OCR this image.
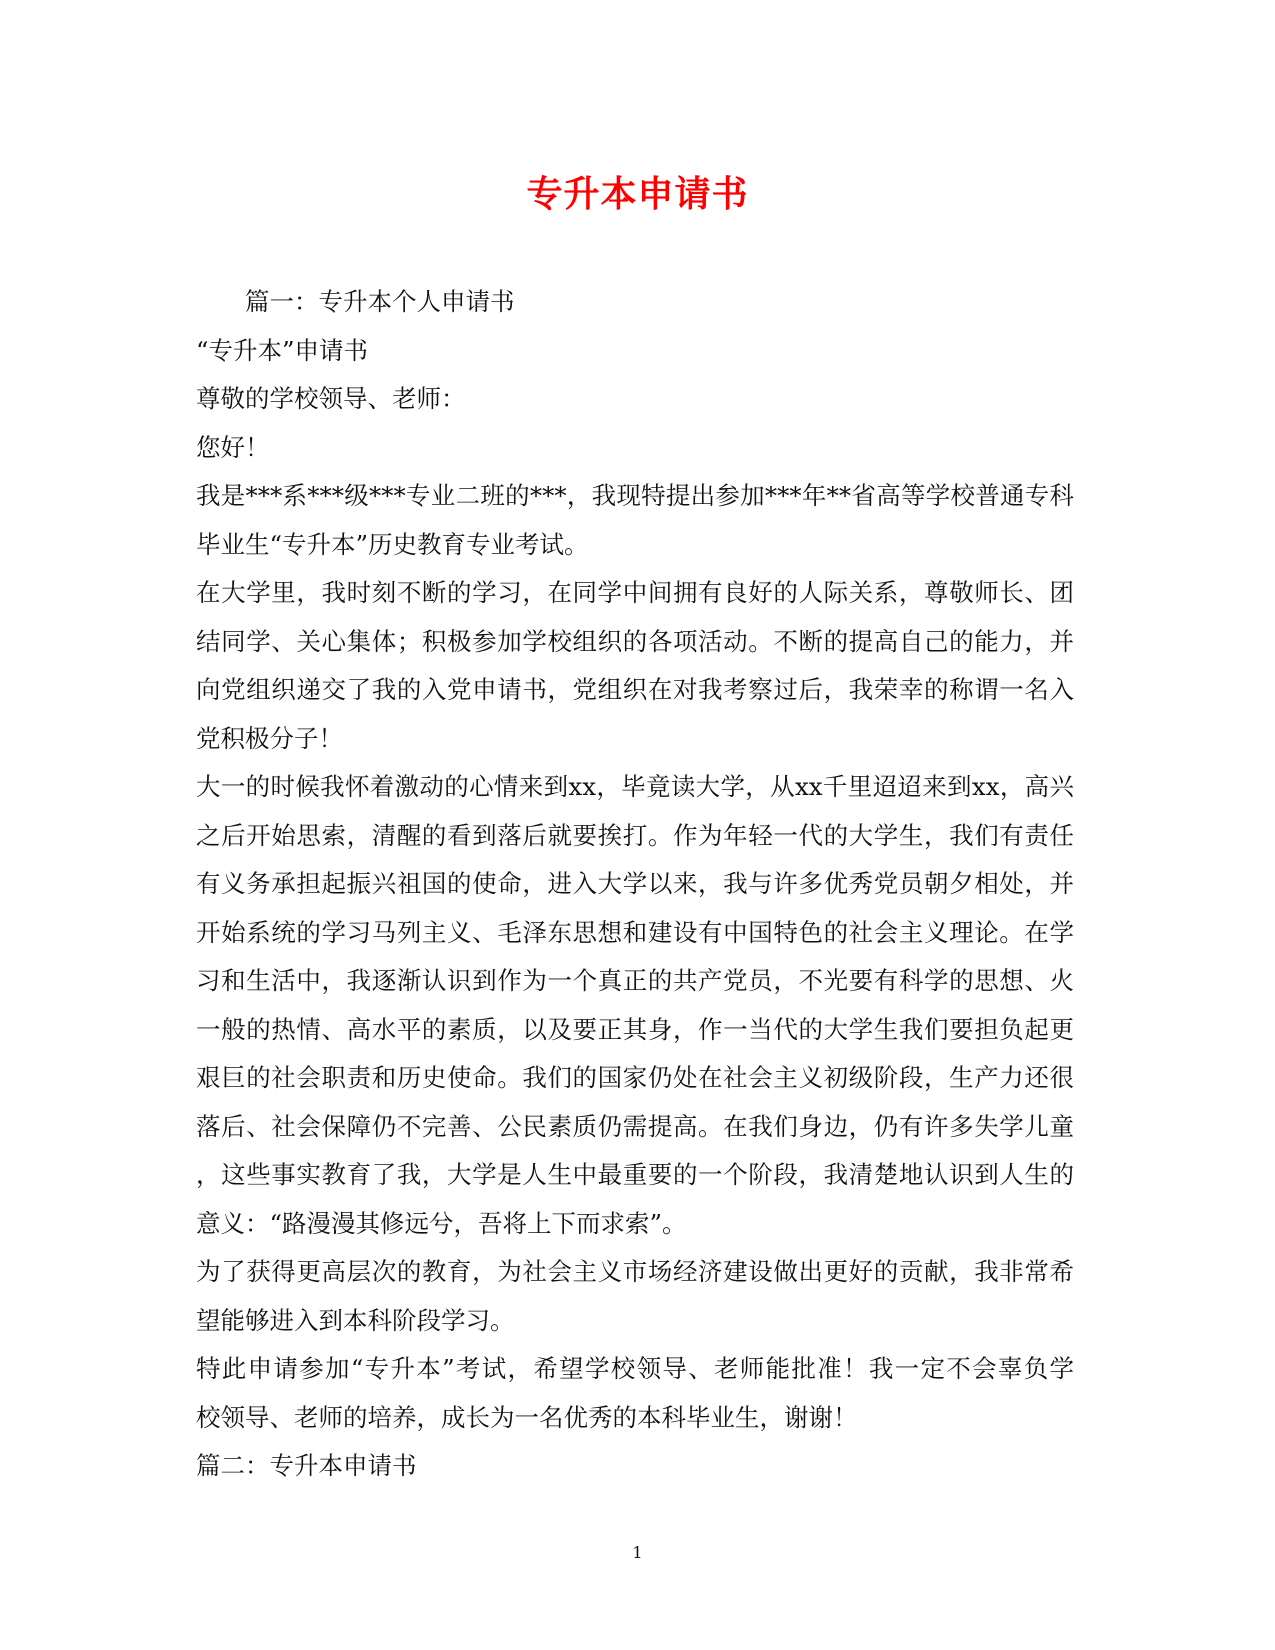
专升本申请书
篇一：专升本个人申请书
“专升本”申请书
尊敬的学校领导、老师：
您好！
我是***系***级***专业二班的***，我现特提出参加***年**省高等学校普通专科
毕业生“专升本”历史教育专业考试。
在大学里，我时刻不断的学习，在同学中间拥有良好的人际关系，尊敬师长、团
结同学、关心集体；积极参加学校组织的各项活动。不断的提高自己的能力，并
向党组织递交了我的入党申请书，党组织在对我考察过后，我荣幸的称谓一名入
党积极分子！
大一的时候我怀着激动的心情来到xx，毕竟读大学，从xx千里迢迢来到xx，高兴
之后开始思索，清醒的看到落后就要挨打。作为年轻一代的大学生，我们有责任
有义务承担起振兴祖国的使命，进入大学以来，我与许多优秀党员朝夕相处，并
开始系统的学习马列主义、毛泽东思想和建设有中国特色的社会主义理论。在学
习和生活中，我逐渐认识到作为一个真正的共产党员，不光要有科学的思想、火
一般的热情、高水平的素质，以及要正其身，作一当代的大学生我们要担负起更
艰巨的社会职责和历史使命。我们的国家仍处在社会主义初级阶段，生产力还很
落后、社会保障仍不完善、公民素质仍需提高。在我们身边，仍有许多失学儿童
，这些事实教育了我，大学是人生中最重要的一个阶段，我清楚地认识到人生的
意义：“路漫漫其修远兮，吾将上下而求索”。
为了获得更高层次的教育，为社会主义市场经济建设做出更好的贡献，我非常希
望能够进入到本科阶段学习。
特此申请参加“专升本”考试，希望学校领导、老师能批准！我一定不会辜负学
校领导、老师的培养，成长为一名优秀的本科毕业生，谢谢！
篇二：专升本申请书
1
